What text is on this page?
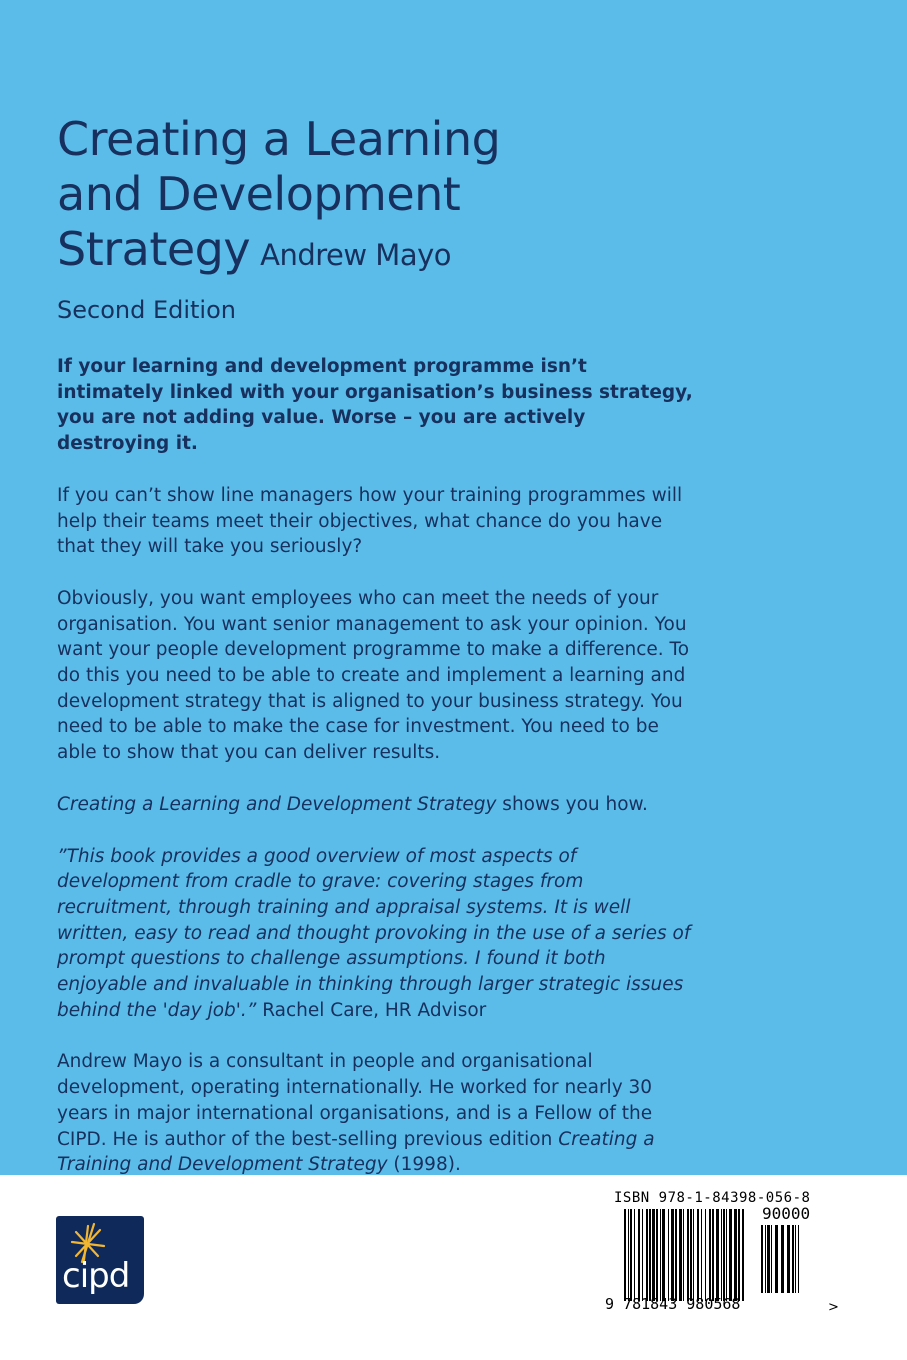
Creating a Learning
and Development
Strategy Andrew Mayo
Second Edition

If your learning and development programme isn’t intimately linked with your organisation’s business strategy, you are not adding value. Worse – you are actively destroying it.

If you can’t show line managers how your training programmes will help their teams meet their objectives, what chance do you have that they will take you seriously?

Obviously, you want employees who can meet the needs of your organisation. You want senior management to ask your opinion. You want your people development programme to make a difference. To do this you need to be able to create and implement a learning and development strategy that is aligned to your business strategy. You need to be able to make the case for investment. You need to be able to show that you can deliver results.

Creating a Learning and Development Strategy shows you how.

”This book provides a good overview of most aspects of development from cradle to grave: covering stages from recruitment, through training and appraisal systems. It is well written, easy to read and thought provoking in the use of a series of prompt questions to challenge assumptions. I found it both enjoyable and invaluable in thinking through larger strategic issues behind the 'day job'.” Rachel Care, HR Advisor

Andrew Mayo is a consultant in people and organisational development, operating internationally. He worked for nearly 30 years in major international organisations, and is a Fellow of the CIPD. He is author of the best-selling previous edition Creating a Training and Development Strategy (1998).

cipd
ISBN 978-1-84398-056-8
90000
9 781843 980568	>
